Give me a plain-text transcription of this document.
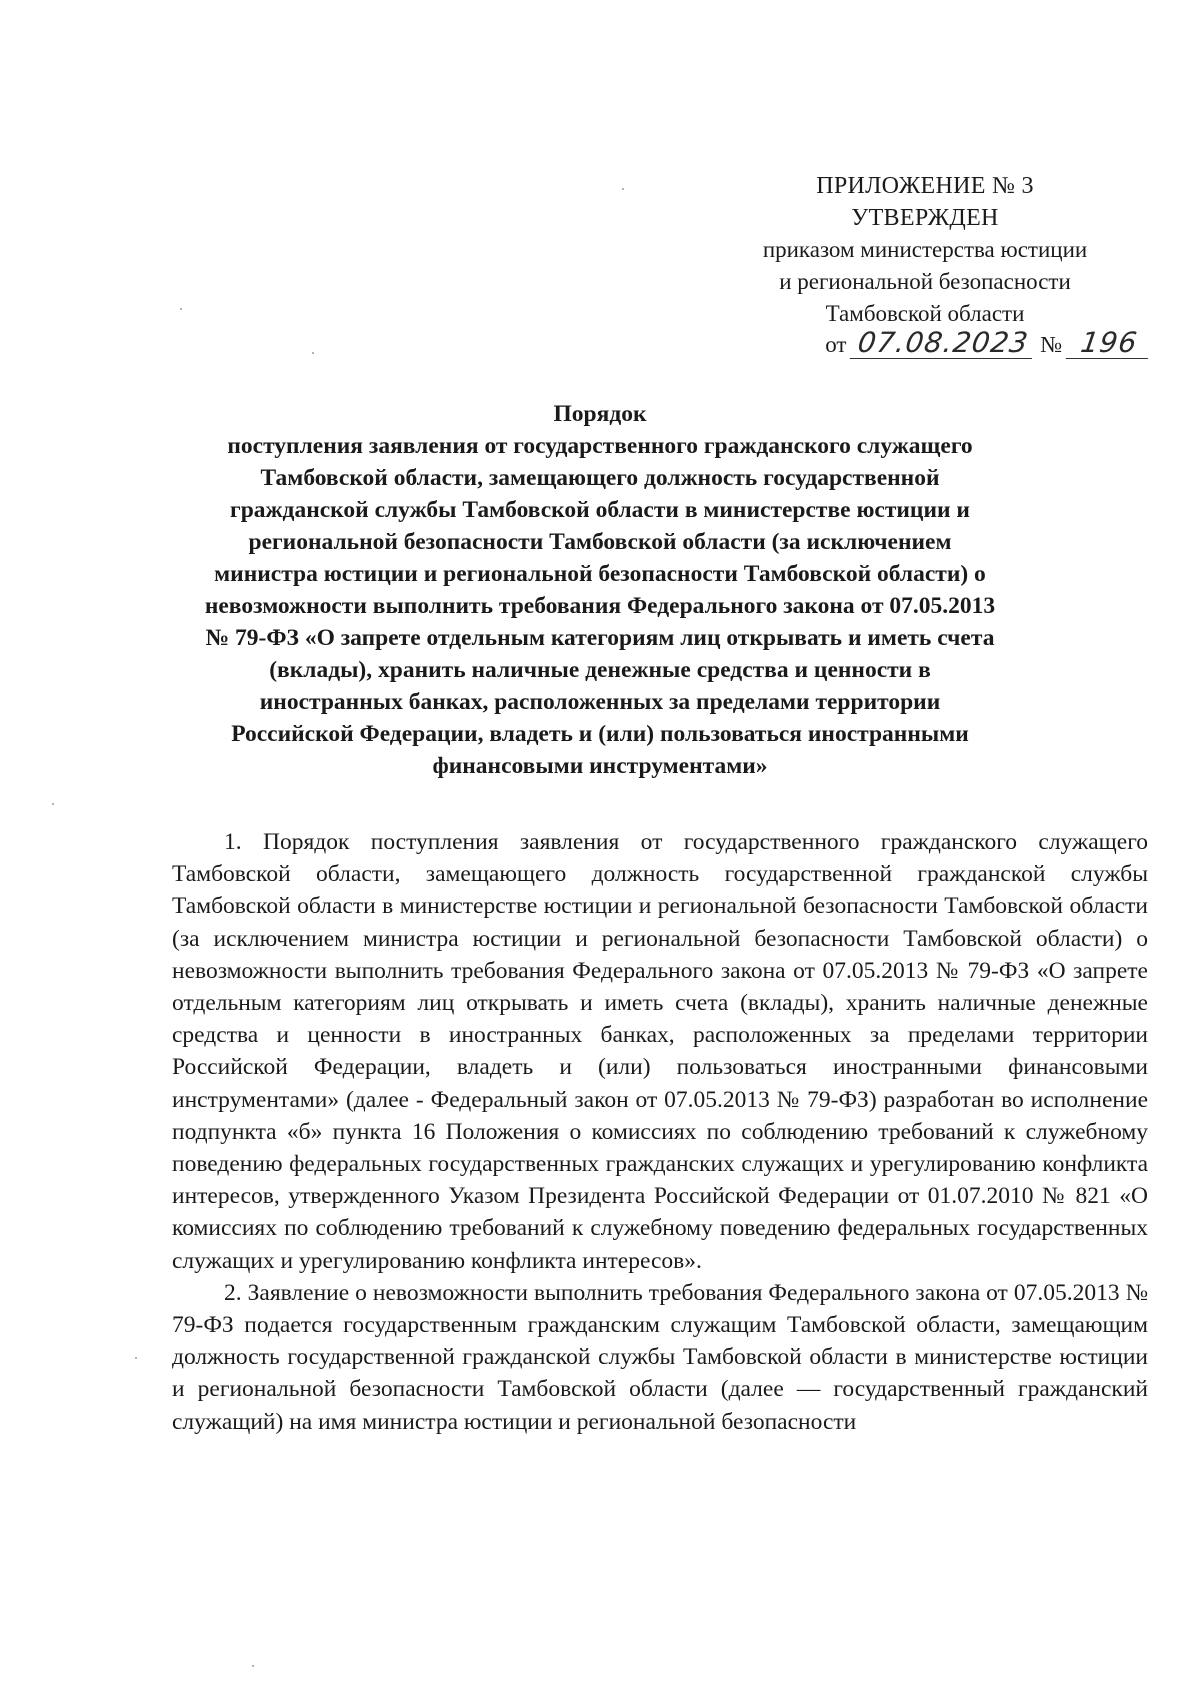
ПРИЛОЖЕНИЕ № 3
УТВЕРЖДЕН
приказом министерства юстиции
и региональной безопасности
Тамбовской области
от 07.08.2023 № 196
Порядок
поступления заявления от государственного гражданского служащего
Тамбовской области, замещающего должность государственной
гражданской службы Тамбовской области в министерстве юстиции и
региональной безопасности Тамбовской области (за исключением
министра юстиции и региональной безопасности Тамбовской области) о
невозможности выполнить требования Федерального закона от 07.05.2013
№ 79-ФЗ «О запрете отдельным категориям лиц открывать и иметь счета
(вклады), хранить наличные денежные средства и ценности в
иностранных банках, расположенных за пределами территории
Российской Федерации, владеть и (или) пользоваться иностранными
финансовыми инструментами»

1. Порядок поступления заявления от государственного гражданского служащего Тамбовской области, замещающего должность государственной гражданской службы Тамбовской области в министерстве юстиции и региональной безопасности Тамбовской области (за исключением министра юстиции и региональной безопасности Тамбовской области) о невозможности выполнить требования Федерального закона от 07.05.2013 № 79-ФЗ «О запрете отдельным категориям лиц открывать и иметь счета (вклады), хранить наличные денежные средства и ценности в иностранных банках, расположенных за пределами территории Российской Федерации, владеть и (или) пользоваться иностранными финансовыми инструментами» (далее - Федеральный закон от 07.05.2013 № 79-ФЗ) разработан во исполнение подпункта «б» пункта 16 Положения о комиссиях по соблюдению требований к служебному поведению федеральных государственных гражданских служащих и урегулированию конфликта интересов, утвержденного Указом Президента Российской Федерации от 01.07.2010 № 821 «О комиссиях по соблюдению требований к служебному поведению федеральных государственных служащих и урегулированию конфликта интересов».

2. Заявление о невозможности выполнить требования Федерального закона от 07.05.2013 № 79-ФЗ подается государственным гражданским служащим Тамбовской области, замещающим должность государственной гражданской службы Тамбовской области в министерстве юстиции и региональной безопасности Тамбовской области (далее — государственный гражданский служащий) на имя министра юстиции и региональной безопасности
